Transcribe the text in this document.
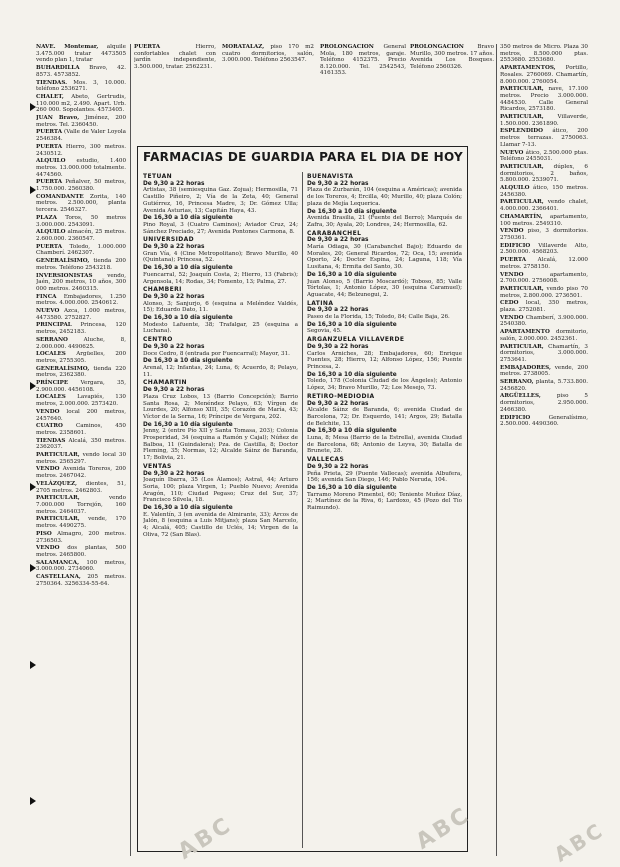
NAVE. Montemar, alquile 3.475.000 tratar 4473505 vendo plan 1, tratar

BUHARDILLA Bravo, 42. 8573. 4573852.

TIENDAS. Mos. 3, 10.000. teléfono 2536271.

CHALET, Abeto, Gertrudis, 110.000 m2, 2.490. Apart. Urb. 260 000. Sopolantes. 4573405.

JUAN Bravo, Jiménez, 200 metros. Tel. 2360450.

PUERTA (Valle de Valer Loyola 2546384.

PUERTA Hierro, 300 metros. 2430512.

ALQUILO estudio, 1.400 metros. 13.000.000 totalmente. 4474560.

PUERTA Peñalver, 50 metros, 1.750.000. 2560380.

COMANDANTE Zorita, 140 metros. 2.500.000, planta tercera. 2546327.

PLAZA Toros, 50 metros 3.000.000. 2543091.

ALQUILO almacén, 25 metros. 2.600.000. 2360547.

PUERTA Toledo, 1.000.000 Chamberí. 2462307.

GENERALÍSIMO, tienda 200 metros. Teléfono 2543218.

INVERSIONISTAS	vendo, Jaén, 200 metros, 10 años, 300 000 metros. 2460315.

FINCA Embajadores, 1.250 metros. 4.000.000. 2540612.

NUEVO Azca, 1.000 metros, 4473580. 2752827.

PRINCIPAL Princesa, 120 metros, 2452183.

SERRANO	Aluche, 8, 2.000.000. 4490625.

LOCALES Argüelles, 200 metros, 2755305.

GENERALÍSIMO, tienda 220 metros, 2362380.

PRÍNCIPE Vergara, 35, 2.900.000. 4456108.

LOCALES Lavapiés, 130 metros, 2.000.000. 2573420.

VENDO local 200 metros, 2457640.

CUATRO Caminos, 450 metros. 2358601.

TIENDAS Alcalá, 350 metros. 2362037.

PARTICULAR, vendo local 30 metros. 2565297.

VENDO Avenida Toreros, 200 metros. 2467042.

VELÁZQUEZ, dientes, 51, 2705 metros. 2462803.

PARTICULAR,	vendo 7.000.000 Torrejón, 160 metros. 2464037.

PARTICULAR, vende, 170 metros. 4490275.

PISO Almagro, 200 metros. 2736503.

VENDO dos plantas, 500 metros. 2465800.

SALAMANCA, 100 metros, 3.000.000. 2734060.

CASTELLANA, 205 metros. 2750364. 3256334-55-64.

PUERTA	Hierro, confortables chalet con jardín independiente, 3.500.000, tratar. 2562231.
MORATALAZ, piso 170 m2 cuatro dormitorios, salón, 3.000.000. Teléfono 2563547.
PROLONGACIÓN General Mola, 180 metros, garaje. Teléfono 4152375. Precio 8.120.000. Tel. 2542543, 4161353.
PROLONGACIÓN Bravo Murillo, 300 metros. 17 años. Avenida Los Bosques. Teléfono 2560326.
FARMACIAS DE GUARDIA PARA EL DIA DE HOY
TETUAN
De 9,30 a 22 horas

Artistas, 38 (semiesquina Gaz. Zojua); Hermosilla, 71 Castillo Piñeiro, 2; Vía de la Zeta, 40; General Gutiérrez, 16, Princesa Madre, 3; Dr. Gómez Ulla; Avenida Asturias, 13; Capitán Haya, 43.

De 16,30 a 10 día siguiente

Pino Royal, 3 (Cuatro Caminos); Aviador Cruz, 24; Sánchez Preciado, 27; Avenida Pontones Carmona, 8.

UNIVERSIDAD
De 9,30 a 22 horas

Gran Vía, 4 (Cine Metropolitano); Bravo Murillo, 40 (Quintana); Princesa, 52.

De 16,30 a 10 día siguiente

Fuencarral, 52; Joaquín Costa, 2; Hierro, 13 (Fabris); Argensola, 14; Rodas, 34; Fomento, 13; Palma, 27.

CHAMBERI
De 9,30 a 22 horas

Alonso, 3; Sanjurjo, 6 (esquina a Meléndez Valdés, 15); Eduardo Dato, 11.

De 16,30 a 10 día siguiente

Modesto Lafuente, 38; Trafalgar, 25 (esquina a Luchana).

CENTRO
De 9,30 a 22 horas

Doce Cedro, 8 (entrada por Fuencarral); Mayor, 31.

De 16,30 a 10 día siguiente

Arenal, 12; Infantas, 24; Luna, 6; Acuerdo, 8; Pelayo, 11.

CHAMARTIN
De 9,30 a 22 horas

Plaza Cruz Lobos, 13 (Barrio Concepción); Barrio Santa Rosa, 2; Menéndez Pelayo, 63; Vírgen de Lourdes, 20; Alfonso XIII, 35; Corazón de María, 43; Víctor de la Serna, 16; Príncipe de Vergara, 202.

De 16,30 a 10 día siguiente

Jenny, 2 (entre Pío XII y Santa Tomasa, 203); Colonia Prosperidad, 34 (esquina a Ramón y Cajal); Núñez de Balboa, 11 (Guindalera); Pza. de Castilla, 8; Doctor Fleming, 35; Normas, 12; Alcalde Sáinz de Baranda, 17; Bolivia, 21.

VENTAS
De 9,30 a 22 horas

Joaquín Ibarra, 35 (Los Álamos); Astral, 44; Arturo Soria, 100; plaza Virgen, 1; Pueblo Nuevo; Avenida Aragón, 110; Ciudad Pegaso; Cruz del Sur, 37; Francisco Silvela, 18.

De 16,30 a 10 día siguiente

E. Valentín, 3 (en avenida de Almirante, 33); Arcos de Jalón, 8 (esquina a Luis Mitjans); plaza San Marcelo, 4; Alcalá, 405; Castillo de Uclés, 14; Virgen de la Oliva, 72 (San Blas).

BUENAVISTA
De 9,30 a 22 horas

Plaza de Zurbarán, 104 (esquina a Américas); avenida de los Toreros, 4; Ercilla, 40; Murillo, 40; plaza Colón; plaza de Mejía Lequerica.

De 16,30 a 10 día siguiente

Avenida Brasilia, 21 (Fuente del Berro); Marqués de Zafra, 30; Ayala, 20; Londres, 24; Hermosilla, 62.

CARABANCHEL
De 9,30 a 22 horas

María Odiaga, 30 (Carabanchel Bajo); Eduardo de Morales, 20; General Ricardos, 72; Oca, 15; avenida Oporto, 24; Doctor Espina, 24; Laguna, 118; Vía Lusitana, 4; Ermita del Santo, 30.

De 16,30 a 10 día siguiente

Juan Alonso, 5 (Barrio Moscardó); Toboso, 85; Valle Tórtolas, 1; Antonio López, 30 (esquina Caramuel); Aguacate, 44; Belzunegui, 2.

LATINA
De 9,30 a 22 horas

Paseo de la Florida, 15; Toledo, 84; Calle Baja, 26.

De 16,30 a 10 día siguiente

Segovia, 45.

ARGANZUELA VILLAVERDE
De 9,30 a 22 horas

Carlos Arniches, 28; Embajadores, 60; Enrique Fuentes, 28; Hierro, 12; Alfonso López, 156; Puente Princesa, 2.

De 16,30 a 10 día siguiente

Toledo, 178 (Colonia Ciudad de los Ángeles); Antonio López, 34; Bravo Murillo, 72; Los Mesejo, 73.

RETIRO-MEDIODIA
De 9,30 a 22 horas

Alcalde Sáinz de Baranda, 6; avenida Ciudad de Barcelona, 72; Dr. Esquerdo, 141; Argos, 29; Batalla de Belchite, 13.

De 16,30 a 10 día siguiente

Luna, 8; Mesa (Barrio de la Estrella), avenida Ciudad de Barcelona, 68; Antonio de Leyva, 30; Batalla de Brunete, 28.

VALLECAS
De 9,30 a 22 horas

Peña Prieta, 29 (Puente Vallecas); avenida Albufera, 156; avenida San Diego, 146; Pablo Neruda, 104.

De 16,30 a 10 día siguiente

Tarramo Moreno Pimentel, 60; Teniente Muñoz Díaz, 2; Martínez de la Riva, 6; Lardoxo, 45 (Pozo del Tío Raimundo).

350 metros de Micro. Plaza 30 metros, 8.500.000 ptas. 2553680. 2553680.

APARTAMENTOS, Portillo, Rosales. 2760069. Chamartín, 8.000.000. 2760054.

PARTICULAR, nave, 17.100 metros. Precio 3.000.000. 4484530. Calle General Ricardos, 2573180.

PARTICULAR, Villaverde, 1.500.000. 2361890.

ESPLENDIDO ático, 200 metros terrazas. 2750063. Llamar 7-13.

NUEVO ático, 2.500.000 ptas. Teléfono 2455031.

PARTICULAR, dúplex, 6 dormitorios, 2 baños, 5.800.000. 2539071.

ALQUILO ático, 150 metros. 2456380.

PARTICULAR, vendo chalet, 4.000.000. 2366401.

CHAMARTÍN, apartamento, 100 metros. 2549310.

VENDO piso, 3 dormitorios. 2750361.

EDIFICIO Villaverde Alto, 2.500.000. 4568203.

PUERTA Alcalá, 12.000 metros. 2758150.

VENDO	apartamento, 2.700.000. 2756008.

PARTICULAR, vendo piso 70 metros, 2.800.000. 2736501.

CEDO local, 350 metros, plaza. 2752081.

VENDO Chamberí, 3.900.000. 2540380.

APARTAMENTO dormitorio, salón, 2.000.000. 2452361.

PARTICULAR, Chamartín, 3 dormitorios, 3.000.000. 2753641.

EMBAJADORES, vende, 200 metros. 2738005.

SERRANO, planta, 5.733.800. 2456820.

ARGÜELLES,	piso 5 dormitorios, 2.950.000. 2466380.

EDIFICIO	Generalísimo, 2.500.000. 4490360.

ABC	ABC	ABC
